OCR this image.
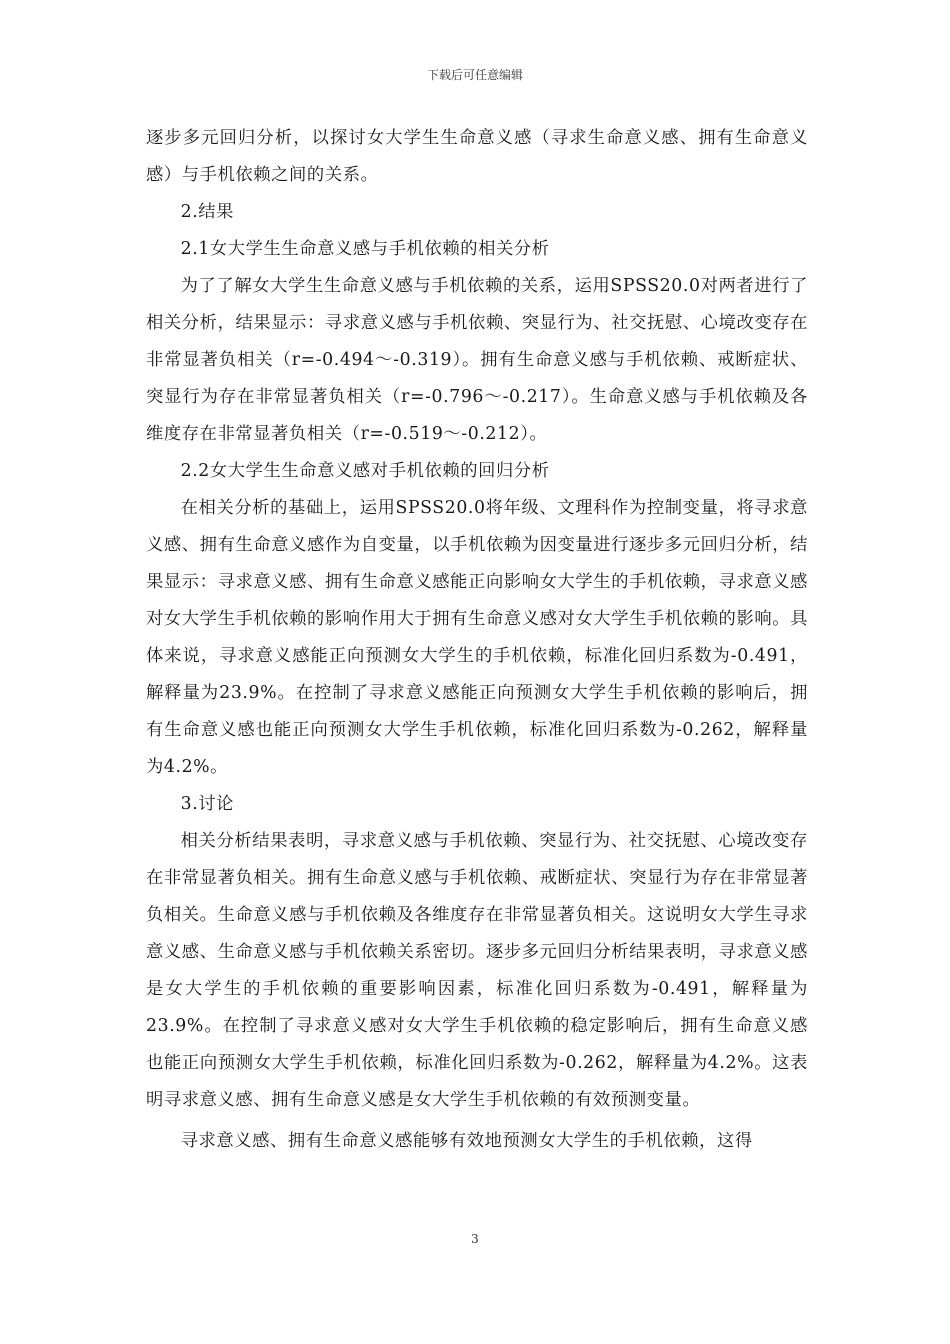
下载后可任意编辑

逐步多元回归分析，以探讨女大学生生命意义感（寻求生命意义感、拥有生命意义感）与手机依赖之间的关系。

2.结果

2.1女大学生生命意义感与手机依赖的相关分析

为了了解女大学生生命意义感与手机依赖的关系，运用SPSS20.0对两者进行了相关分析，结果显示：寻求意义感与手机依赖、突显行为、社交抚慰、心境改变存在非常显著负相关（r=-0.494～-0.319）。拥有生命意义感与手机依赖、戒断症状、突显行为存在非常显著负相关（r=-0.796～-0.217）。生命意义感与手机依赖及各维度存在非常显著负相关（r=-0.519～-0.212）。

2.2女大学生生命意义感对手机依赖的回归分析

在相关分析的基础上，运用SPSS20.0将年级、文理科作为控制变量，将寻求意义感、拥有生命意义感作为自变量，以手机依赖为因变量进行逐步多元回归分析，结果显示：寻求意义感、拥有生命意义感能正向影响女大学生的手机依赖，寻求意义感对女大学生手机依赖的影响作用大于拥有生命意义感对女大学生手机依赖的影响。具体来说，寻求意义感能正向预测女大学生的手机依赖，标准化回归系数为-0.491，解释量为23.9%。在控制了寻求意义感能正向预测女大学生手机依赖的影响后，拥有生命意义感也能正向预测女大学生手机依赖，标准化回归系数为-0.262，解释量为4.2%。

3.讨论

相关分析结果表明，寻求意义感与手机依赖、突显行为、社交抚慰、心境改变存在非常显著负相关。拥有生命意义感与手机依赖、戒断症状、突显行为存在非常显著负相关。生命意义感与手机依赖及各维度存在非常显著负相关。这说明女大学生寻求意义感、生命意义感与手机依赖关系密切。逐步多元回归分析结果表明，寻求意义感是女大学生的手机依赖的重要影响因素，标准化回归系数为-0.491，解释量为23.9%。在控制了寻求意义感对女大学生手机依赖的稳定影响后，拥有生命意义感也能正向预测女大学生手机依赖，标准化回归系数为-0.262，解释量为4.2%。这表明寻求意义感、拥有生命意义感是女大学生手机依赖的有效预测变量。

寻求意义感、拥有生命意义感能够有效地预测女大学生的手机依赖，这得

3
